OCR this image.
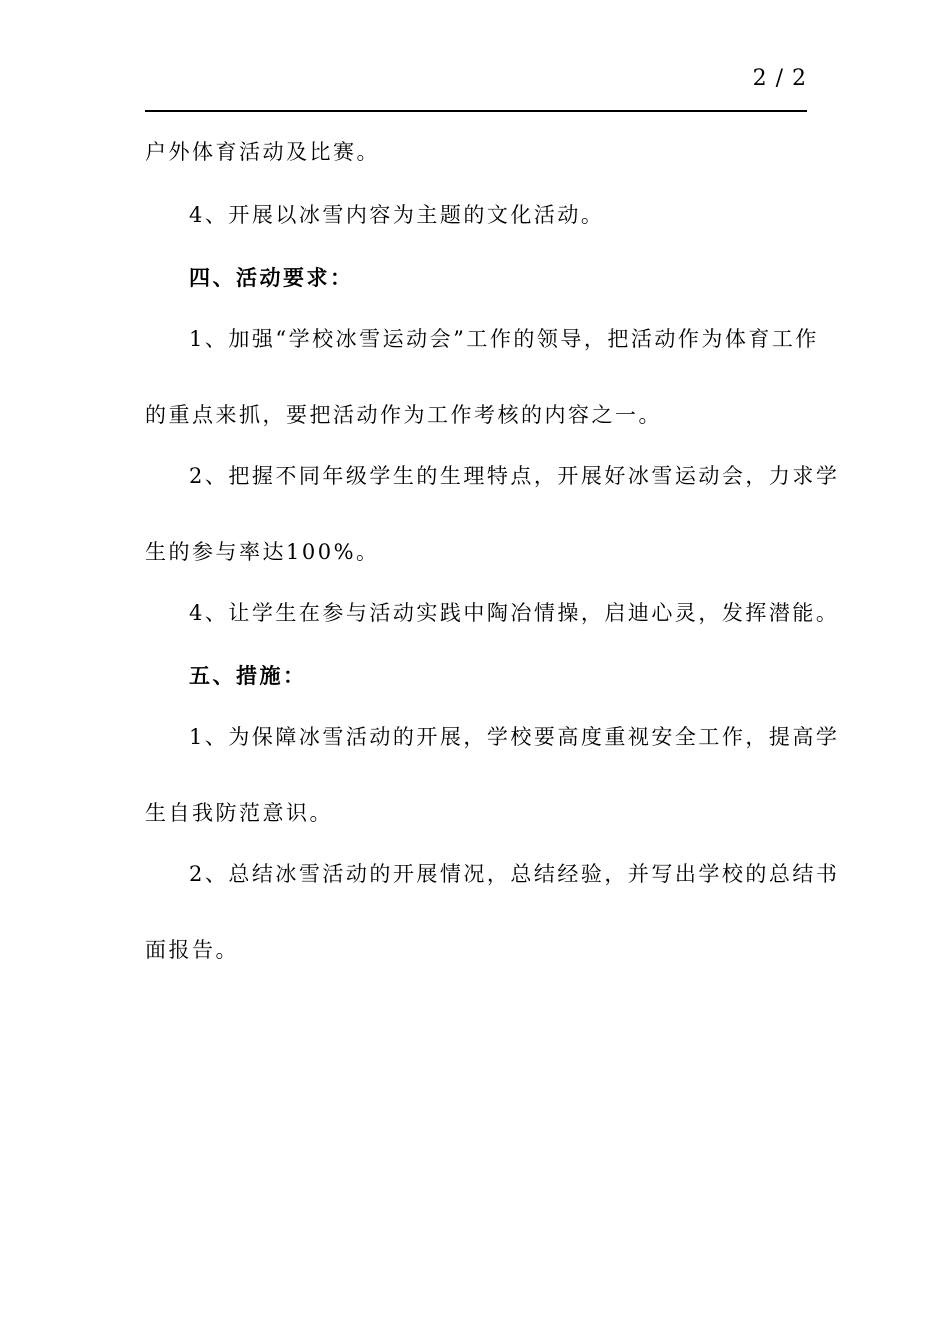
2 / 2
户外体育活动及比赛。
4、开展以冰雪内容为主题的文化活动。
四、活动要求：
1、加强“学校冰雪运动会”工作的领导，把活动作为体育工作
的重点来抓，要把活动作为工作考核的内容之一。
2、把握不同年级学生的生理特点，开展好冰雪运动会，力求学
生的参与率达100%。
4、让学生在参与活动实践中陶冶情操，启迪心灵，发挥潜能。
五、措施：
1、为保障冰雪活动的开展，学校要高度重视安全工作，提高学
生自我防范意识。
2、总结冰雪活动的开展情况，总结经验，并写出学校的总结书
面报告。
